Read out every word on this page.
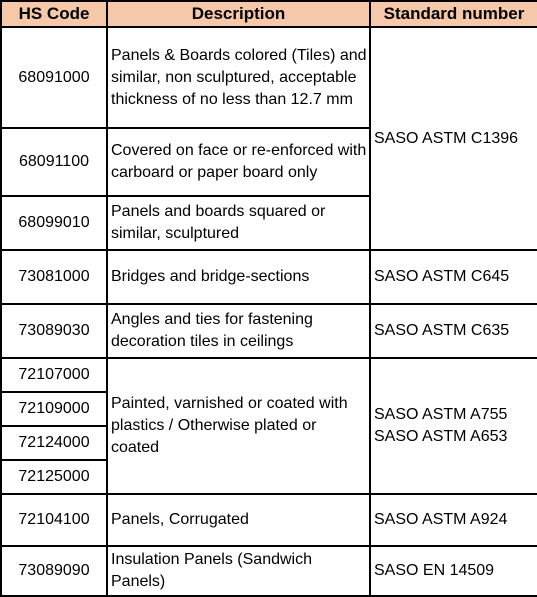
HS Code	Description	Standard number
68091000	Panels & Boards colored (Tiles) and similar, non sculptured, acceptable thickness of no less than 12.7 mm	SASO ASTM C1396
68091100	Covered on face or re-enforced with carboard or paper board only	
68099010	Panels and boards squared or similar, sculptured	
73081000	Bridges and bridge-sections	SASO ASTM C645
73089030	Angles and ties for fastening decoration tiles in ceilings	SASO ASTM C635
72107000	Painted, varnished or coated with plastics / Otherwise plated or coated	SASO ASTM A755
SASO ASTM A653

72109000		
72124000		
72125000		
72104100	Panels, Corrugated	SASO ASTM A924
73089090	Insulation Panels (Sandwich Panels)	SASO EN 14509
